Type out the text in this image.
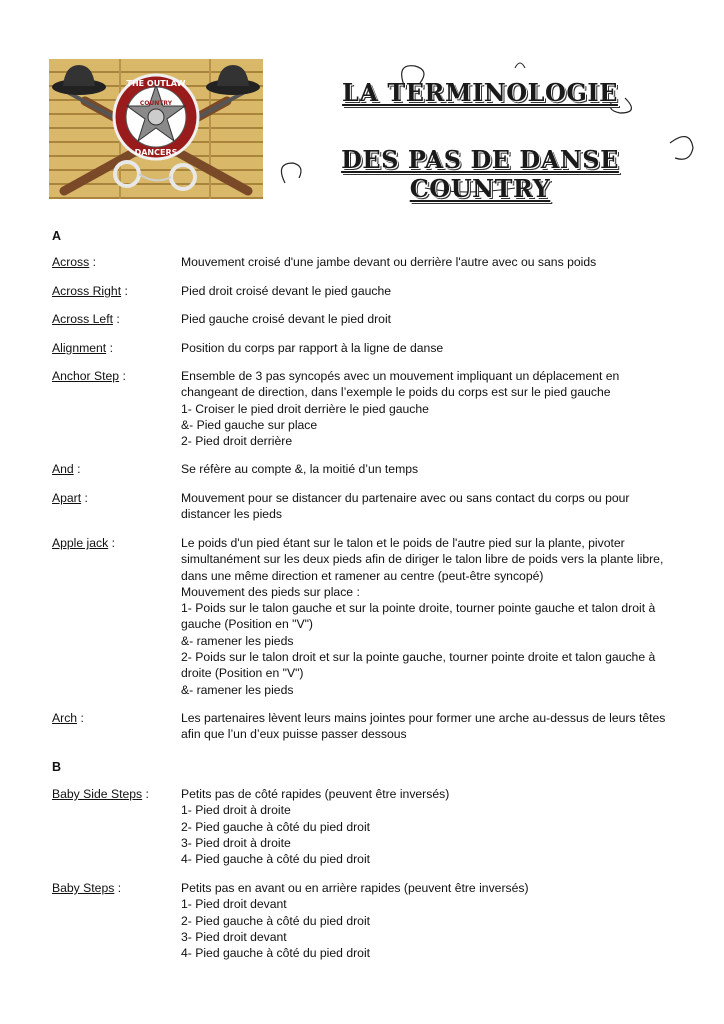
THE OUTLAW
COUNTRY
DANCERS
LA TERMINOLOGIE
DES PAS DE DANSE COUNTRY
A
Across :	Mouvement croisé d'une jambe devant ou derrière l'autre avec ou sans poids
Across Right :	Pied droit croisé devant le pied gauche
Across Left :	Pied gauche croisé devant le pied droit
Alignment :	Position du corps par rapport à la ligne de danse
Anchor Step :	Ensemble de 3 pas syncopés avec un mouvement impliquant un déplacement en
changeant de direction, dans l’exemple le poids du corps est sur le pied gauche
1- Croiser le pied droit derrière le pied gauche
&- Pied gauche sur place
2- Pied droit derrière
And :	Se réfère au compte &, la moitié d’un temps
Apart :	Mouvement pour se distancer du partenaire avec ou sans contact du corps ou pour
distancer les pieds
Apple jack :	Le poids d'un pied étant sur le talon et le poids de l'autre pied sur la plante, pivoter
simultanément sur les deux pieds afin de diriger le talon libre de poids vers la plante libre,
dans une même direction et ramener au centre (peut-être syncopé)
Mouvement des pieds sur place :
1- Poids sur le talon gauche et sur la pointe droite, tourner pointe gauche et talon droit à
gauche (Position en "V")
&- ramener les pieds
2- Poids sur le talon droit et sur la pointe gauche, tourner pointe droite et talon gauche à
droite (Position en "V")
&- ramener les pieds
Arch :	Les partenaires lèvent leurs mains jointes pour former une arche au-dessus de leurs têtes
afin que l’un d’eux puisse passer dessous
B
Baby Side Steps :	Petits pas de côté rapides (peuvent être inversés)
1- Pied droit à droite
2- Pied gauche à côté du pied droit
3- Pied droit à droite
4- Pied gauche à côté du pied droit
Baby Steps :	Petits pas en avant ou en arrière rapides (peuvent être inversés)
1- Pied droit devant
2- Pied gauche à côté du pied droit
3- Pied droit devant
4- Pied gauche à côté du pied droit
